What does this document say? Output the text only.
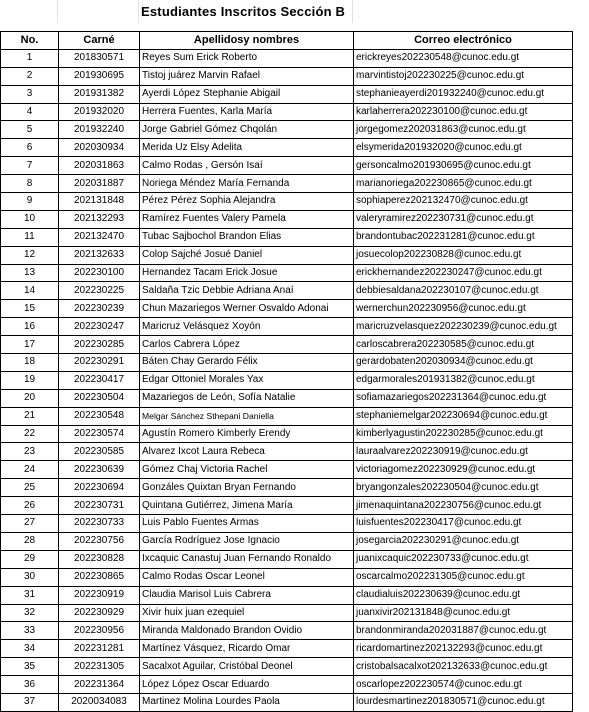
Estudiantes Inscritos Sección B
No.	Carné	Apellidosy nombres	Correo electrónico
1	201830571	Reyes Sum Erick Roberto	erickreyes202230548@cunoc.edu.gt
2	201930695	Tistoj juárez Marvin Rafael	marvintistoj202230225@cunoc.edu.gt
3	201931382	Ayerdi López Stephanie Abigail	stephanieayerdi201932240@cunoc.edu.gt
4	201932020	Herrera Fuentes, Karla María	karlaherrera202230100@cunoc.edu.gt
5	201932240	Jorge Gabriel Gómez Chqolán	jorgegomez202031863@cunoc.edu.gt
6	202030934	Merida Uz Elsy Adelita	elsymerida201932020@cunoc.edu.gt
7	202031863	Calmo Rodas , Gersón Isaí	gersoncalmo201930695@cunoc.edu.gt
8	202031887	Noriega Méndez María Fernanda	marianoriega202230865@cunoc.edu.gt
9	202131848	Pérez Pérez Sophia Alejandra	sophiaperez202132470@cunoc.edu.gt
10	202132293	Ramírez Fuentes Valery Pamela	valeryramirez202230731@cunoc.edu.gt
11	202132470	Tubac Sajbochol Brandon Elias	brandontubac202231281@cunoc.edu.gt
12	202132633	Colop Sajché Josué Daniel	josuecolop202230828@cunoc.edu.gt
13	202230100	Hernandez Tacam Erick Josue	erickhernandez202230247@cunoc.edu.gt
14	202230225	Saldaña Tzic Debbie Adriana Anaí	debbiesaldana202230107@cunoc.edu.gt
15	202230239	Chun Mazariegos Werner Osvaldo Adonai	wernerchun202230956@cunoc.edu.gt
16	202230247	Maricruz Velásquez Xoyón	maricruzvelasquez202230239@cunoc.edu.gt
17	202230285	Carlos Cabrera López	carloscabrera202230585@cunoc.edu.gt
18	202230291	Báten Chay Gerardo Félix	gerardobaten202030934@cunoc.edu.gt
19	202230417	Edgar Ottoniel Morales Yax	edgarmorales201931382@cunoc.edu.gt
20	202230504	Mazariegos de León, Sofía Natalie	sofiamazariegos202231364@cunoc.edu.gt
21	202230548	Melgar Sánchez Sthepani Daniella	stephaniemelgar202230694@cunoc.edu.gt
22	202230574	Agustín Romero Kimberly Erendy	kimberlyagustin202230285@cunoc.edu.gt
23	202230585	Alvarez Ixcot Laura Rebeca	lauraalvarez202230919@cunoc.edu.gt
24	202230639	Gómez Chaj Victoria Rachel	victoriagomez202230929@cunoc.edu.gt
25	202230694	Gonzáles Quixtan Bryan Fernando	bryangonzales202230504@cunoc.edu.gt
26	202230731	Quintana Gutiérrez, Jimena María	jimenaquintana202230756@cunoc.edu.gt
27	202230733	Luis Pablo Fuentes Armas	luisfuentes202230417@cunoc.edu.gt
28	202230756	García Rodríguez Jose Ignacio	josegarcia202230291@cunoc.edu.gt
29	202230828	Ixcaquic Canastuj Juan Fernando Ronaldo	juanixcaquic202230733@cunoc.edu.gt
30	202230865	Calmo Rodas Oscar Leonel	oscarcalmo202231305@cunoc.edu.gt
31	202230919	Claudia Marisol Luis Cabrera	claudialuis202230639@cunoc.edu.gt
32	202230929	Xivir huix juan ezequiel	juanxivir202131848@cunoc.edu.gt
33	202230956	Miranda Maldonado Brandon Ovidio	brandonmiranda202031887@cunoc.edu.gt
34	202231281	Martínez Vásquez, Ricardo Omar	ricardomartinez202132293@cunoc.edu.gt
35	202231305	Sacalxot Aguilar, Cristóbal Deonel	cristobalsacalxot202132633@cunoc.edu.gt
36	202231364	López López Oscar Eduardo	oscarlopez202230574@cunoc.edu.gt
37	2020034083	Martinez Molina Lourdes Paola	lourdesmartinez201830571@cunoc.edu.gt
